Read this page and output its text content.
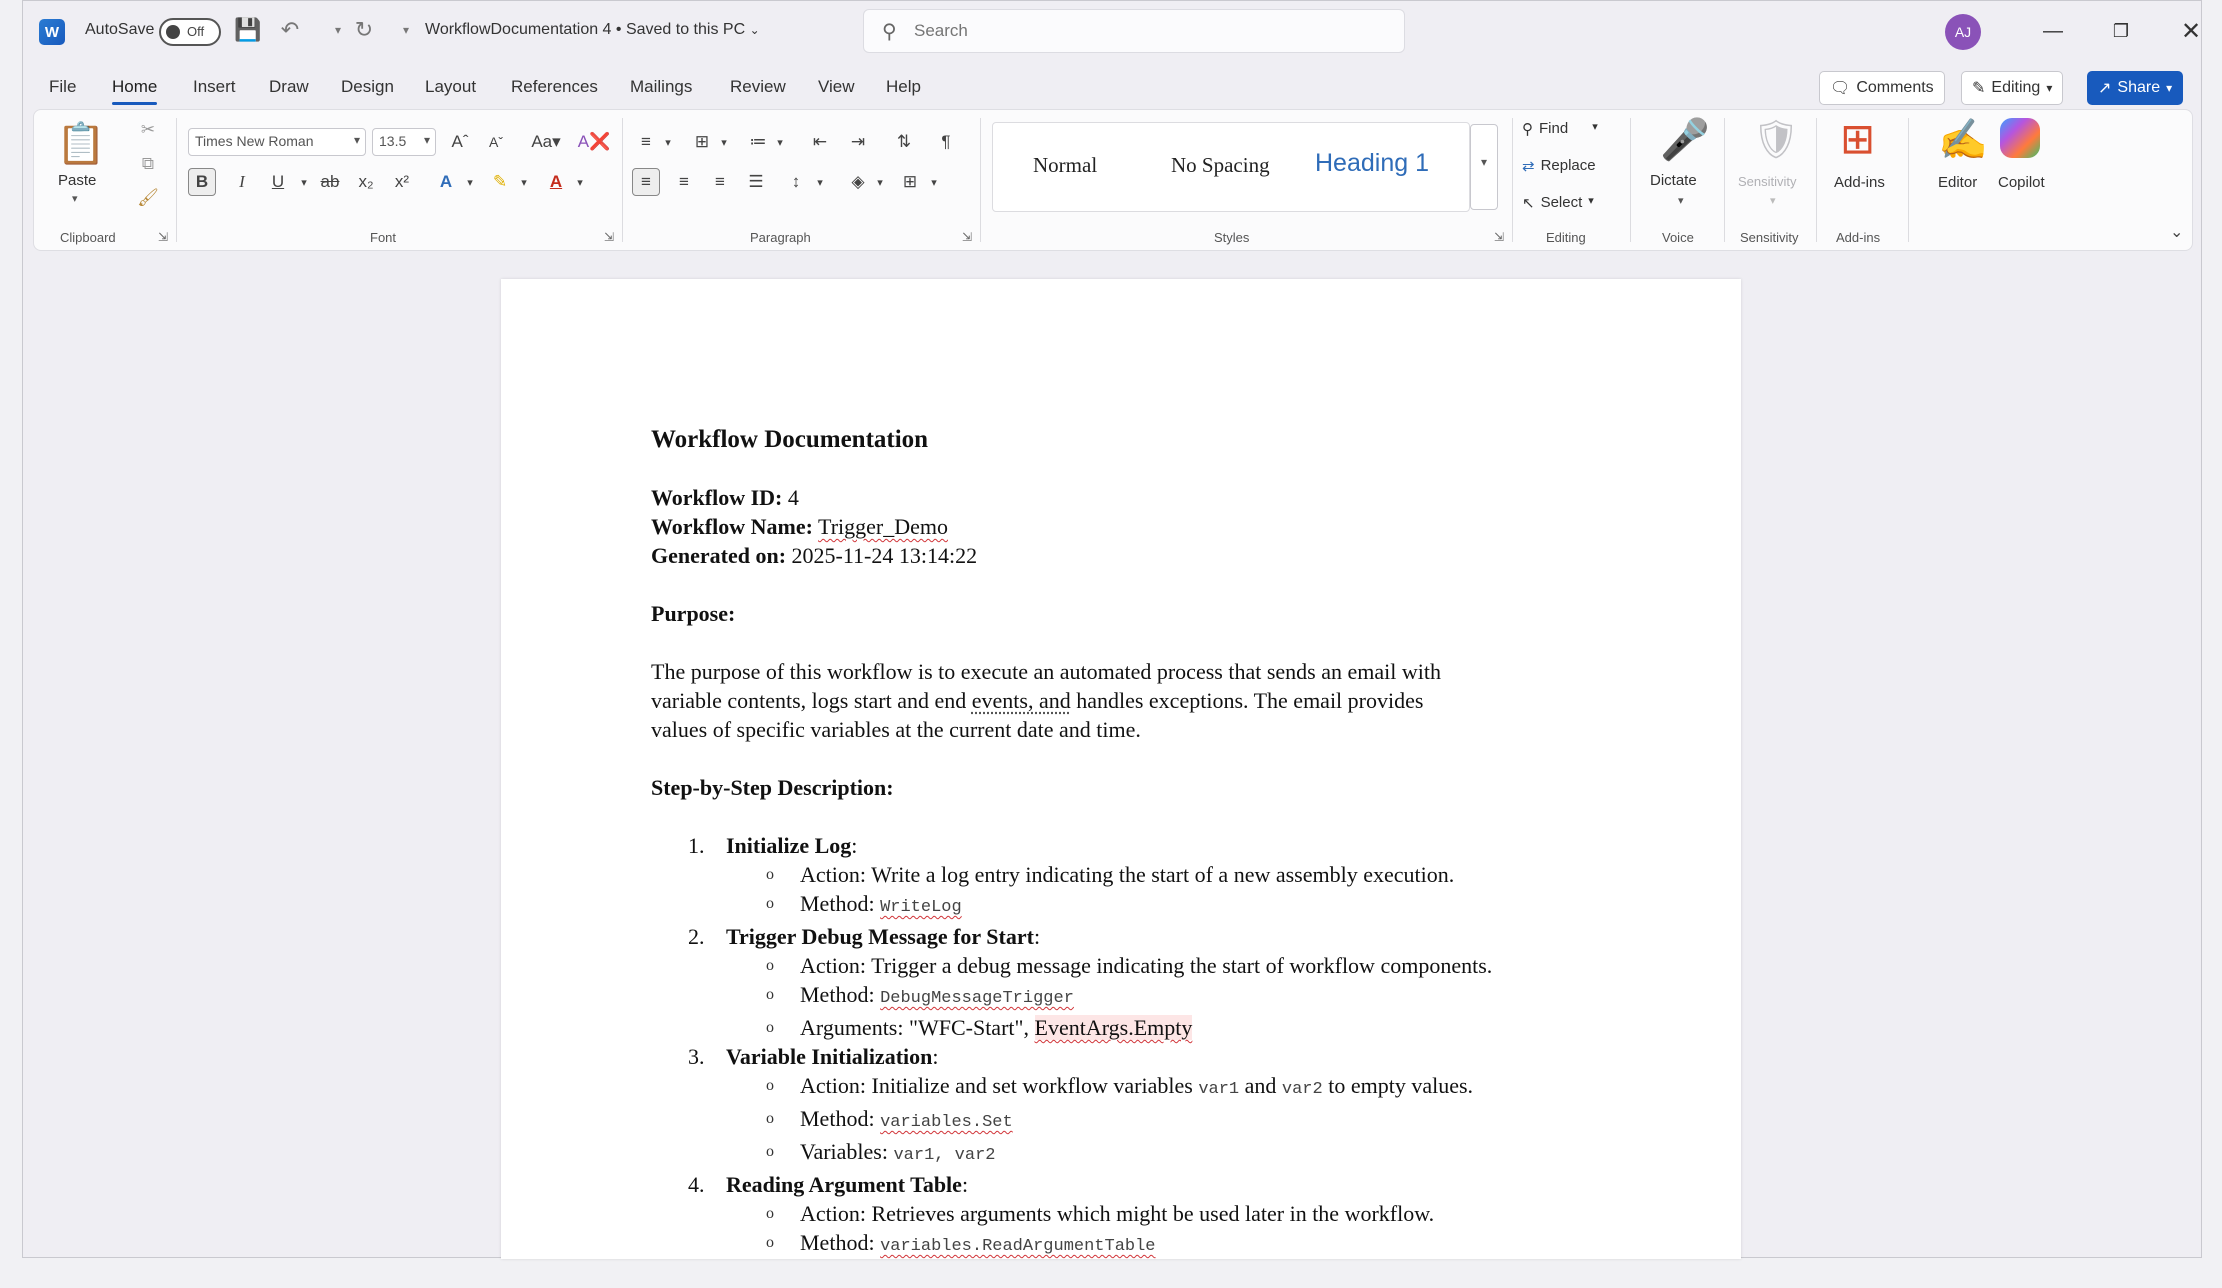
W	AutoSave	Off 💾 ↶	▾ ↻	▾ WorkflowDocumentation 4 • Saved to this PC ⌄	⚲
Search	AJ	—	❐	✕
File Home Insert Draw Design Layout References Mailings Review View Help	🗨 Comments ✎ Editing ▾	↗ Share ▾
📋
Paste
▾
✂
⧉
🖌
Clipboard	⇲
Times New Roman	▾	13.5 ▾	Aˆ	Aˇ	Aa▾	A❌
B	I	U	▾ ab	x₂	x²	A	▾	✎	▾	A	▾
Font	⇲
≡	▾	⊞	▾	≔ ▾	⇤	⇥	⇅	¶
≡	≡	≡	☰	↕	▾	◈	▾	⊞	▾
Paragraph	⇲
Normal	No Spacing Heading 1	▾
Styles	⇲
⚲ Find ▾
⇄ Replace
↖ Select ▾
Editing
🎤
Dictate
▾
Voice
🛡
Sensitivity
▾
Sensitivity
⊞
Add-ins
Add-ins
✍
Editor Copilot
⌄

Workflow Documentation

Workflow ID: 4

Workflow Name: Trigger_Demo

Generated on: 2025-11-24 13:14:22

Purpose:

The purpose of this workflow is to execute an automated process that sends an email with

variable contents, logs start and end events, and handles exceptions. The email provides

values of specific variables at the current date and time.

Step-by-Step Description:

1. Initialize Log:
o Action: Write a log entry indicating the start of a new assembly execution.
o Method: WriteLog
2. Trigger Debug Message for Start:
o Action: Trigger a debug message indicating the start of workflow components.
o Method: DebugMessageTrigger
o Arguments: "WFC-Start", EventArgs.Empty
3. Variable Initialization:
o Action: Initialize and set workflow variables var1 and var2 to empty values.
o Method: variables.Set
o Variables: var1, var2
4. Reading Argument Table:
o Action: Retrieves arguments which might be used later in the workflow.
o Method: variables.ReadArgumentTable
